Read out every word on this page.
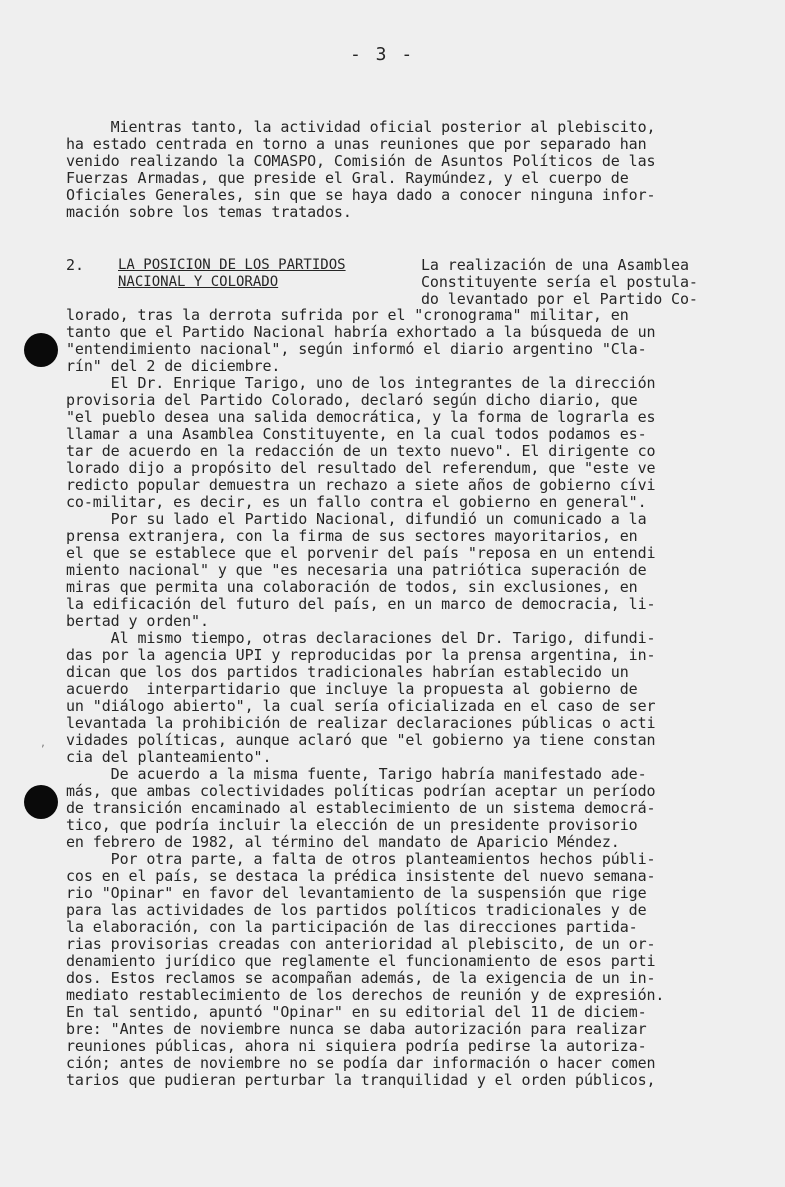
- 3 -

Mientras tanto, la actividad oficial posterior al plebiscito,
ha estado centrada en torno a unas reuniones que por separado han
venido realizando la COMASPO, Comisión de Asuntos Políticos de las
Fuerzas Armadas, que preside el Gral. Raymúndez, y el cuerpo de
Oficiales Generales, sin que se haya dado a conocer ninguna infor-
mación sobre los temas tratados.

2. LA POSICION DE LOS PARTIDOS
NACIONAL Y COLORADO

La realización de una Asamblea
Constituyente sería el postula-
do levantado por el Partido Co-

lorado, tras la derrota sufrida por el "cronograma" militar, en
tanto que el Partido Nacional habría exhortado a la búsqueda de un
"entendimiento nacional", según informó el diario argentino "Cla-
rín" del 2 de diciembre.
El Dr. Enrique Tarigo, uno de los integrantes de la dirección
provisoria del Partido Colorado, declaró según dicho diario, que
"el pueblo desea una salida democrática, y la forma de lograrla es
llamar a una Asamblea Constituyente, en la cual todos podamos es-
tar de acuerdo en la redacción de un texto nuevo". El dirigente co
lorado dijo a propósito del resultado del referendum, que "este ve
redicto popular demuestra un rechazo a siete años de gobierno cívi
co-militar, es decir, es un fallo contra el gobierno en general".
Por su lado el Partido Nacional, difundió un comunicado a la
prensa extranjera, con la firma de sus sectores mayoritarios, en
el que se establece que el porvenir del país "reposa en un entendi
miento nacional" y que "es necesaria una patriótica superación de
miras que permita una colaboración de todos, sin exclusiones, en
la edificación del futuro del país, en un marco de democracia, li-
bertad y orden".
Al mismo tiempo, otras declaraciones del Dr. Tarigo, difundi-
das por la agencia UPI y reproducidas por la prensa argentina, in-
dican que los dos partidos tradicionales habrían establecido un
acuerdo  interpartidario que incluye la propuesta al gobierno de
un "diálogo abierto", la cual sería oficializada en el caso de ser
levantada la prohibición de realizar declaraciones públicas o acti
vidades políticas, aunque aclaró que "el gobierno ya tiene constan
cia del planteamiento".
De acuerdo a la misma fuente, Tarigo habría manifestado ade-
más, que ambas colectividades políticas podrían aceptar un período
de transición encaminado al establecimiento de un sistema democrá-
tico, que podría incluir la elección de un presidente provisorio
en febrero de 1982, al término del mandato de Aparicio Méndez.
Por otra parte, a falta de otros planteamientos hechos públi-
cos en el país, se destaca la prédica insistente del nuevo semana-
rio "Opinar" en favor del levantamiento de la suspensión que rige
para las actividades de los partidos políticos tradicionales y de
la elaboración, con la participación de las direcciones partida-
rias provisorias creadas con anterioridad al plebiscito, de un or-
denamiento jurídico que reglamente el funcionamiento de esos parti
dos. Estos reclamos se acompañan además, de la exigencia de un in-
mediato restablecimiento de los derechos de reunión y de expresión.
En tal sentido, apuntó "Opinar" en su editorial del 11 de diciem-
bre: "Antes de noviembre nunca se daba autorización para realizar
reuniones públicas, ahora ni siquiera podría pedirse la autoriza-
ción; antes de noviembre no se podía dar información o hacer comen
tarios que pudieran perturbar la tranquilidad y el orden públicos,

,
